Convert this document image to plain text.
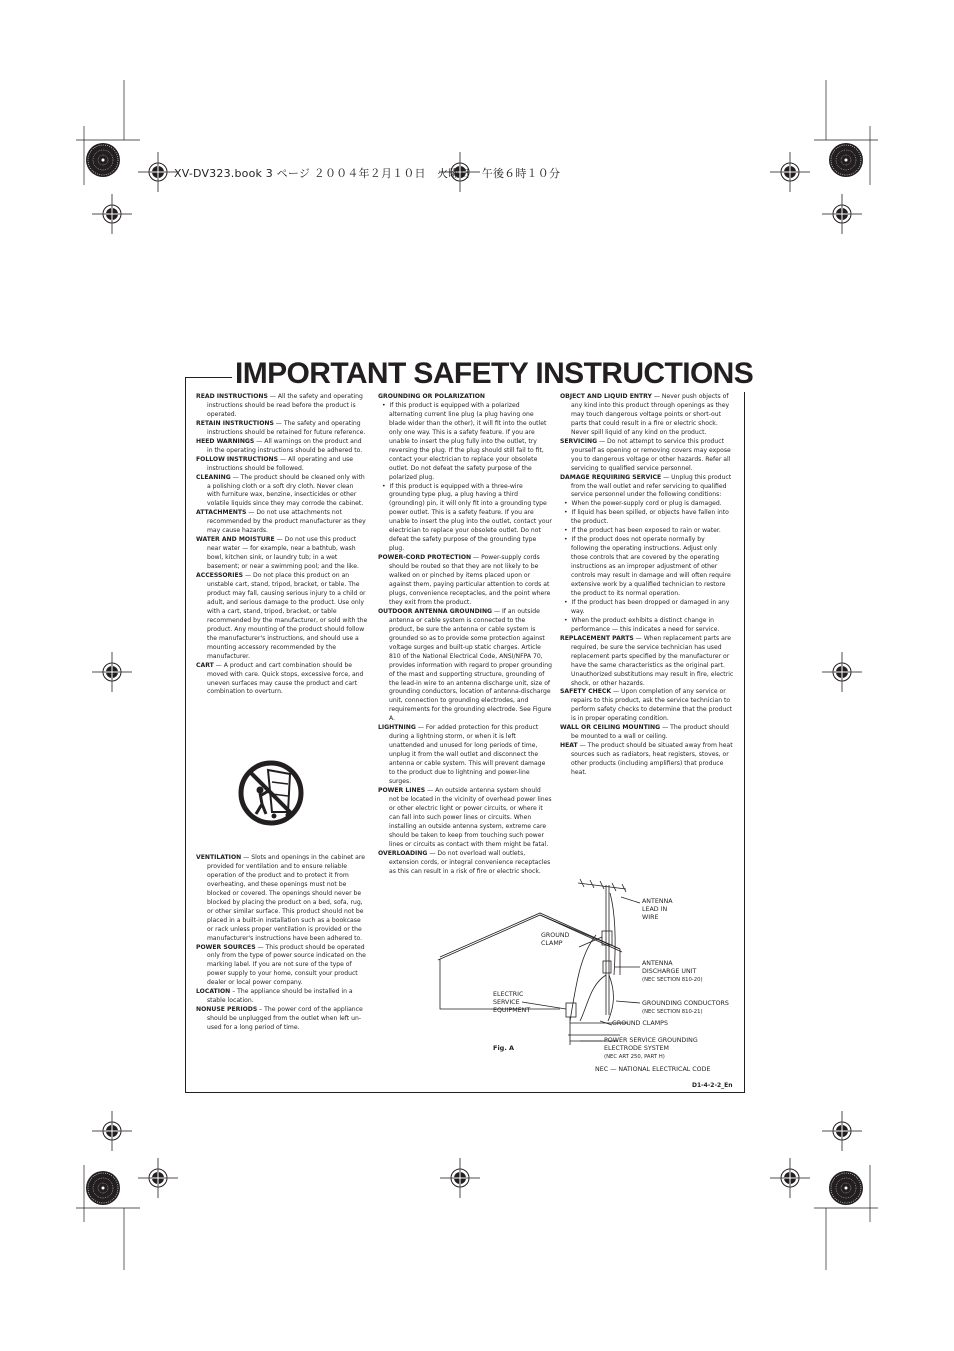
XV-DV323.book 3 ページ ２００４年２月１０日　火曜日　午後６時１０分
IMPORTANT SAFETY INSTRUCTIONS

READ INSTRUCTIONS — All the safety and operating instructions should be read before the product is operated.

RETAIN INSTRUCTIONS — The safety and operating instructions should be retained for future reference.

HEED WARNINGS — All warnings on the product and in the operating instructions should be adhered to.

FOLLOW INSTRUCTIONS — All operating and use instructions should be followed.

CLEANING — The product should be cleaned only with a polishing cloth or a soft dry cloth. Never clean with furniture wax, benzine, insecticides or other volatile liquids since they may corrode the cabinet.

ATTACHMENTS — Do not use attachments not recommended by the product manufacturer as they may cause hazards.

WATER AND MOISTURE — Do not use this product near water — for example, near a bathtub, wash bowl, kitchen sink, or laundry tub; in a wet basement; or near a swimming pool; and the like.

ACCESSORIES — Do not place this product on an unstable cart, stand, tripod, bracket, or table. The product may fall, causing serious injury to a child or adult, and serious damage to the product. Use only with a cart, stand, tripod, bracket, or table recommended by the manufacturer, or sold with the product. Any mounting of the product should follow the manufacturer's instructions, and should use a mounting accessory recommended by the manufacturer.

CART — A product and cart combination should be moved with care. Quick stops, excessive force, and uneven surfaces may cause the product and cart combination to overturn.

VENTILATION — Slots and openings in the cabinet are provided for ventilation and to ensure reliable operation of the product and to protect it from overheating, and these openings must not be blocked or covered. The openings should never be blocked by placing the product on a bed, sofa, rug, or other similar surface. This product should not be placed in a built-in installation such as a bookcase or rack unless proper ventilation is provided or the manufacturer's instructions have been adhered to.

POWER SOURCES — This product should be operated only from the type of power source indicated on the marking label. If you are not sure of the type of power supply to your home, consult your product dealer or local power company.

LOCATION – The appliance should be installed in a stable location.

NONUSE PERIODS – The power cord of the appliance should be unplugged from the outlet when left un-used for a long period of time.

GROUNDING OR POLARIZATION

•  If this product is equipped with a polarized alternating current line plug (a plug having one blade wider than the other), it will fit into the outlet only one way. This is a safety feature. If you are unable to insert the plug fully into the outlet, try reversing the plug. If the plug should still fail to fit, contact your electrician to replace your obsolete outlet. Do not defeat the safety purpose of the polarized plug.

•  If this product is equipped with a three-wire grounding type plug, a plug having a third (grounding) pin, it will only fit into a grounding type power outlet. This is a safety feature. If you are unable to insert the plug into the outlet, contact your electrician to replace your obsolete outlet. Do not defeat the safety purpose of the grounding type plug.

POWER-CORD PROTECTION — Power-supply cords should be routed so that they are not likely to be walked on or pinched by items placed upon or against them, paying particular attention to cords at plugs, convenience receptacles, and the point where they exit from the product.

OUTDOOR ANTENNA GROUNDING — If an outside antenna or cable system is connected to the product, be sure the antenna or cable system is grounded so as to provide some protection against voltage surges and built-up static charges. Article 810 of the National Electrical Code, ANSI/NFPA 70, provides information with regard to proper grounding of the mast and supporting structure, grounding of the lead-in wire to an antenna discharge unit, size of grounding conductors, location of antenna-discharge unit, connection to grounding electrodes, and requirements for the grounding electrode. See Figure A.

LIGHTNING — For added protection for this product during a lightning storm, or when it is left unattended and unused for long periods of time, unplug it from the wall outlet and disconnect the antenna or cable system. This will prevent damage to the product due to lightning and power-line surges.

POWER LINES — An outside antenna system should not be located in the vicinity of overhead power lines or other electric light or power circuits, or where it can fall into such power lines or circuits. When installing an outside antenna system, extreme care should be taken to keep from touching such power lines or circuits as contact with them might be fatal.

OVERLOADING — Do not overload wall outlets, extension cords, or integral convenience receptacles as this can result in a risk of fire or electric shock.

OBJECT AND LIQUID ENTRY — Never push objects of any kind into this product through openings as they may touch dangerous voltage points or short-out parts that could result in a fire or electric shock. Never spill liquid of any kind on the product.

SERVICING — Do not attempt to service this product yourself as opening or removing covers may expose you to dangerous voltage or other hazards. Refer all servicing to qualified service personnel.

DAMAGE REQUIRING SERVICE — Unplug this product from the wall outlet and refer servicing to qualified service personnel under the following conditions:

•  When the power-supply cord or plug is damaged.

•  If liquid has been spilled, or objects have fallen into the product.

•  If the product has been exposed to rain or water.

•  If the product does not operate normally by following the operating instructions. Adjust only those controls that are covered by the operating instructions as an improper adjustment of other controls may result in damage and will often require extensive work by a qualified technician to restore the product to its normal operation.

•  If the product has been dropped or damaged in any way.

•  When the product exhibits a distinct change in performance — this indicates a need for service.

REPLACEMENT PARTS — When replacement parts are required, be sure the service technician has used replacement parts specified by the manufacturer or have the same characteristics as the original part. Unauthorized substitutions may result in fire, electric shock, or other hazards.

SAFETY CHECK — Upon completion of any service or repairs to this product, ask the service technician to perform safety checks to determine that the product is in proper operating condition.

WALL OR CEILING MOUNTING — The product should be mounted to a wall or ceiling.

HEAT — The product should be situated away from heat sources such as radiators, heat registers, stoves, or other products (including amplifiers) that produce heat.

ANTENNA
LEAD IN
WIRE
GROUND
CLAMP
ANTENNA
DISCHARGE UNIT
(NEC SECTION 810-20)
ELECTRIC
SERVICE
EQUIPMENT
GROUNDING CONDUCTORS
(NEC SECTION 810-21)
GROUND CLAMPS
POWER SERVICE GROUNDING
ELECTRODE SYSTEM
(NEC ART 250, PART H)
NEC — NATIONAL ELECTRICAL CODE
Fig. A
D1-4-2-2_En
